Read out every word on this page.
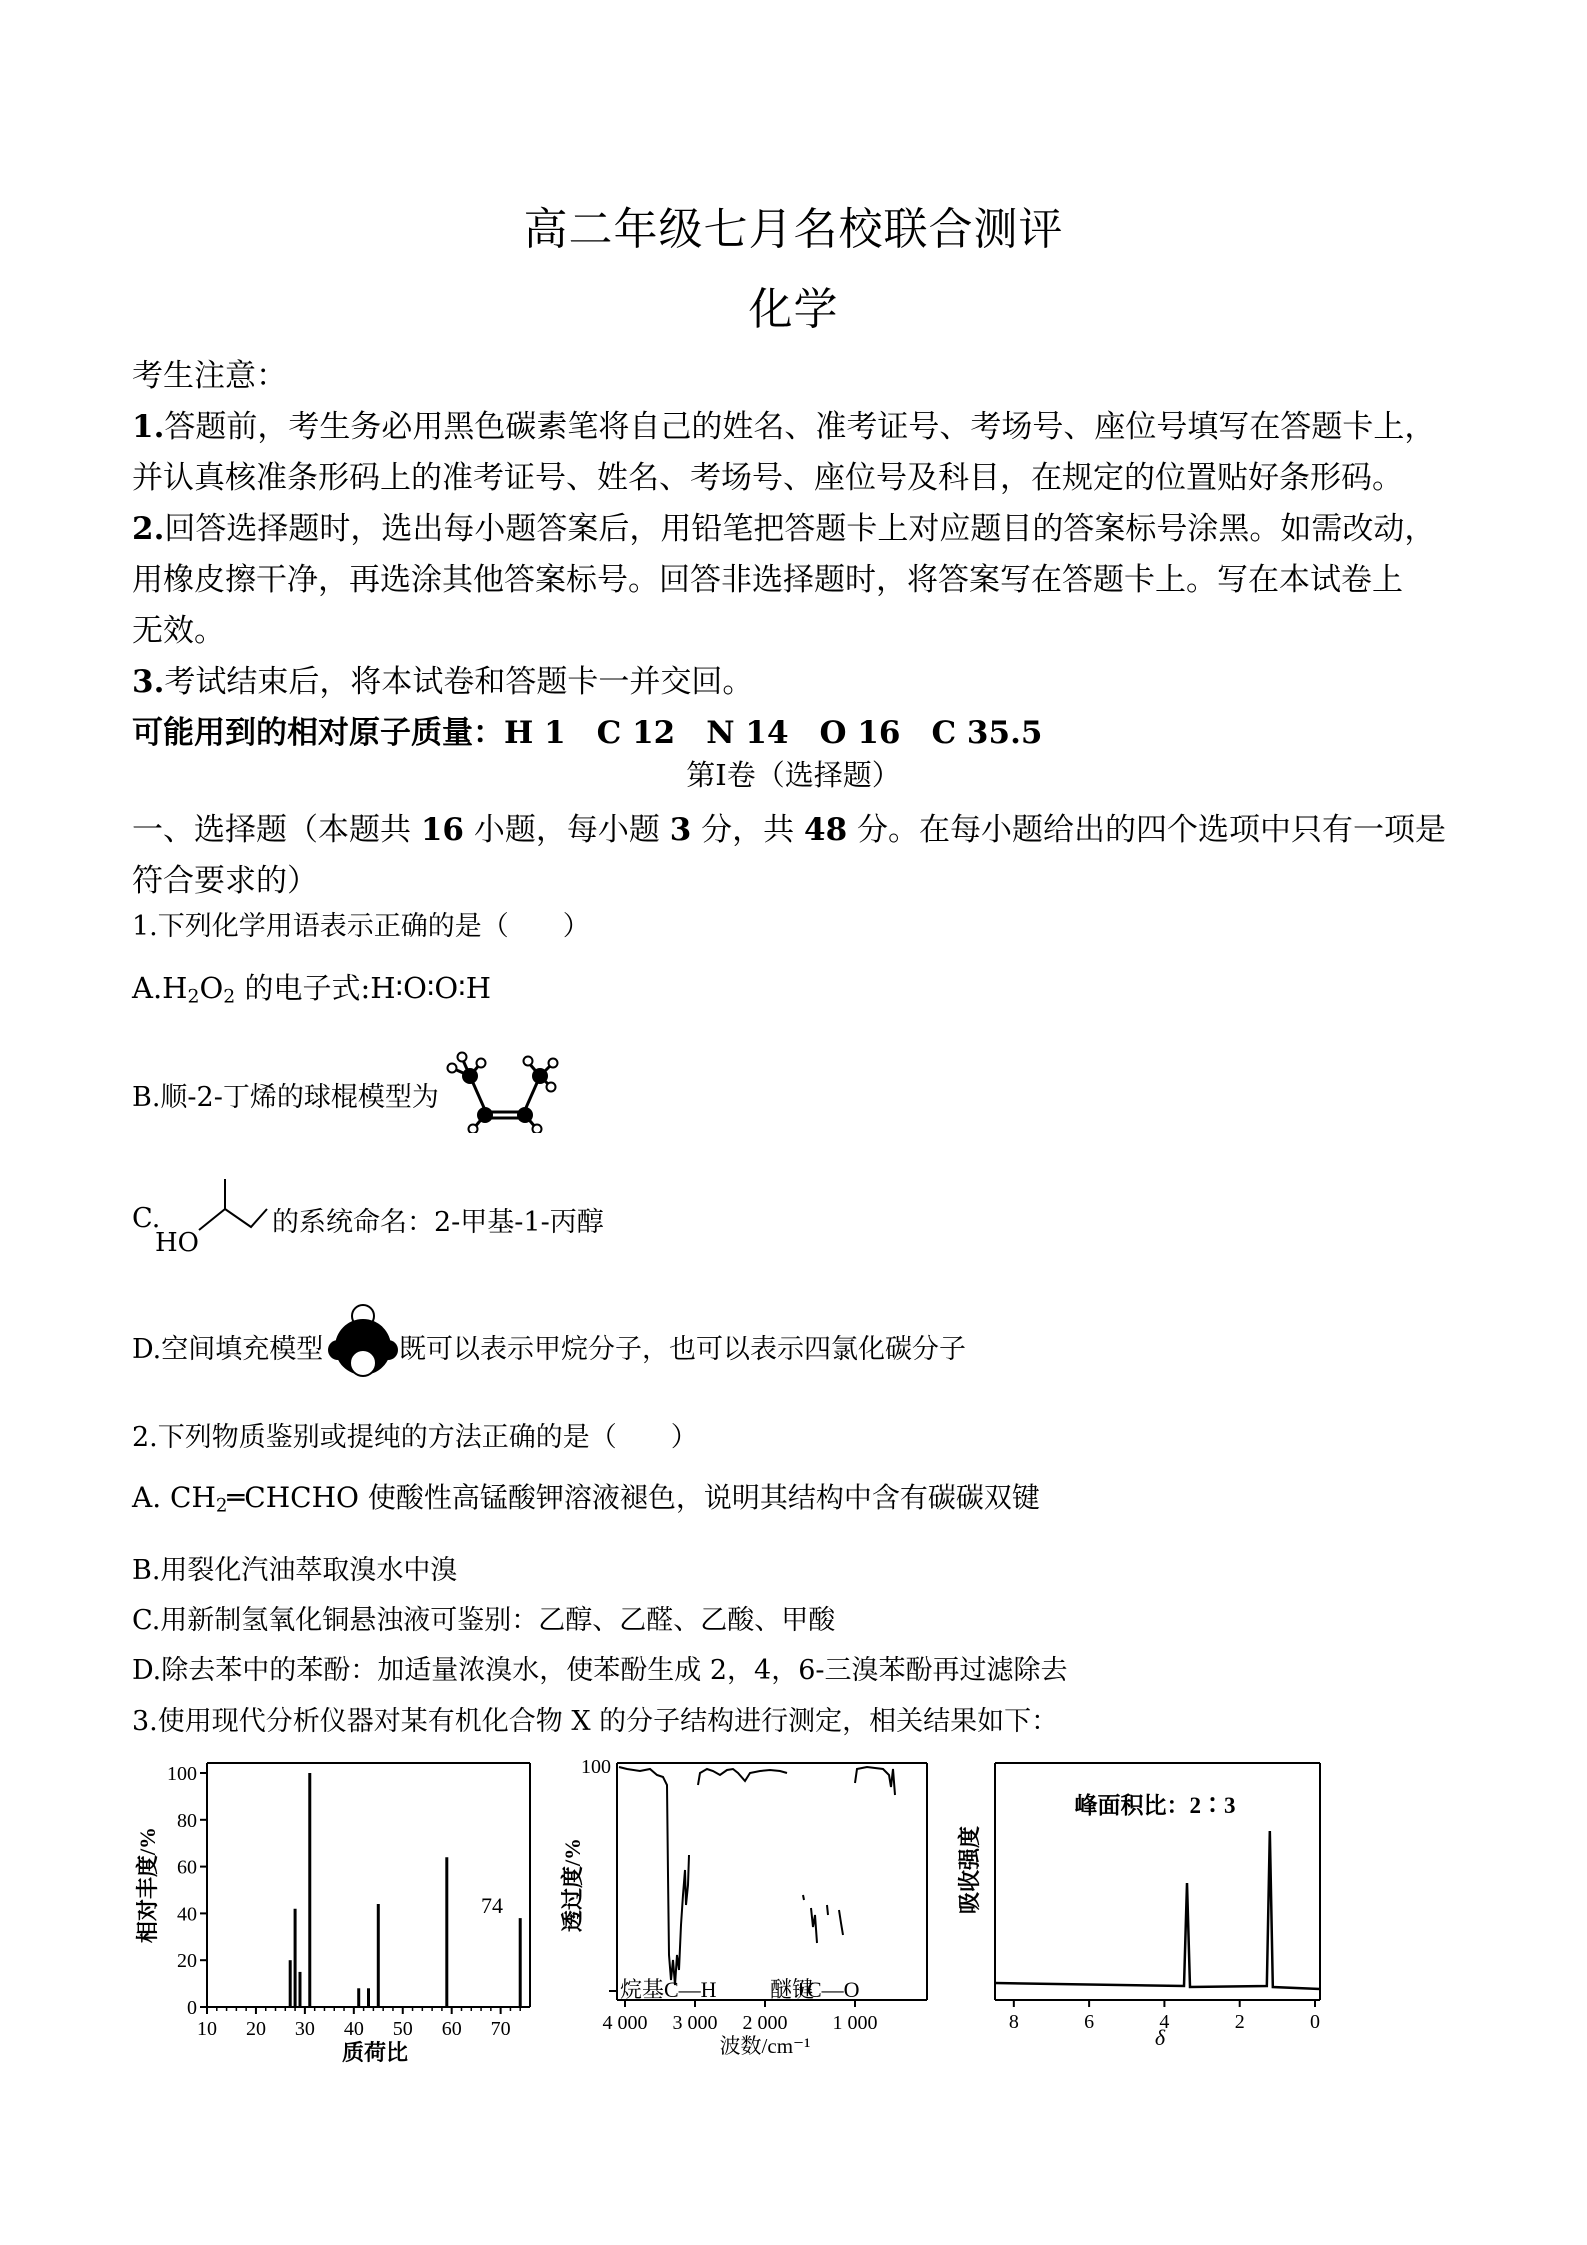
高二年级七月名校联合测评
化学
考生注意：
1.答题前，考生务必用黑色碳素笔将自己的姓名、准考证号、考场号、座位号填写在答题卡上，
并认真核准条形码上的准考证号、姓名、考场号、座位号及科目，在规定的位置贴好条形码。
2.回答选择题时，选出每小题答案后，用铅笔把答题卡上对应题目的答案标号涂黑。如需改动，
用橡皮擦干净，再选涂其他答案标号。回答非选择题时，将答案写在答题卡上。写在本试卷上
无效。
3.考试结束后，将本试卷和答题卡一并交回。
可能用到的相对原子质量：H 1　C 12　N 14　O 16　C 35.5
第Ⅰ卷（选择题）
一、选择题（本题共 16 小题，每小题 3 分，共 48 分。在每小题给出的四个选项中只有一项是
符合要求的）
1.下列化学用语表示正确的是（　　）
$A.H_2O_2$ 的电子式:H∶O∶O∶H
B.顺-2-丁烯的球棍模型为
C.
HO
的系统命名：2-甲基-1-丙醇
D.空间填充模型	既可以表示甲烷分子，也可以表示四氯化碳分子
2.下列物质鉴别或提纯的方法正确的是（　　）
A. $CH_2═CHCHO$ 使酸性高锰酸钾溶液褪色，说明其结构中含有碳碳双键
B.用裂化汽油萃取溴水中溴
C.用新制氢氧化铜悬浊液可鉴别：乙醇、乙醛、乙酸、甲酸
D.除去苯中的苯酚：加适量浓溴水，使苯酚生成 2，4，6-三溴苯酚再过滤除去
3.使用现代分析仪器对某有机化合物 X 的分子结构进行测定，相关结果如下：
0
20
40
60
80
100
10 20 30 40 50 60 70
74
质荷比
相对丰度/%
100
4 000 3 000 2 000 1 000
烷基C—H 醚键
C—O
波数/cm⁻¹
透过度/%
8	6	4	2	0
峰面积比：2∶3
δ
吸收强度
